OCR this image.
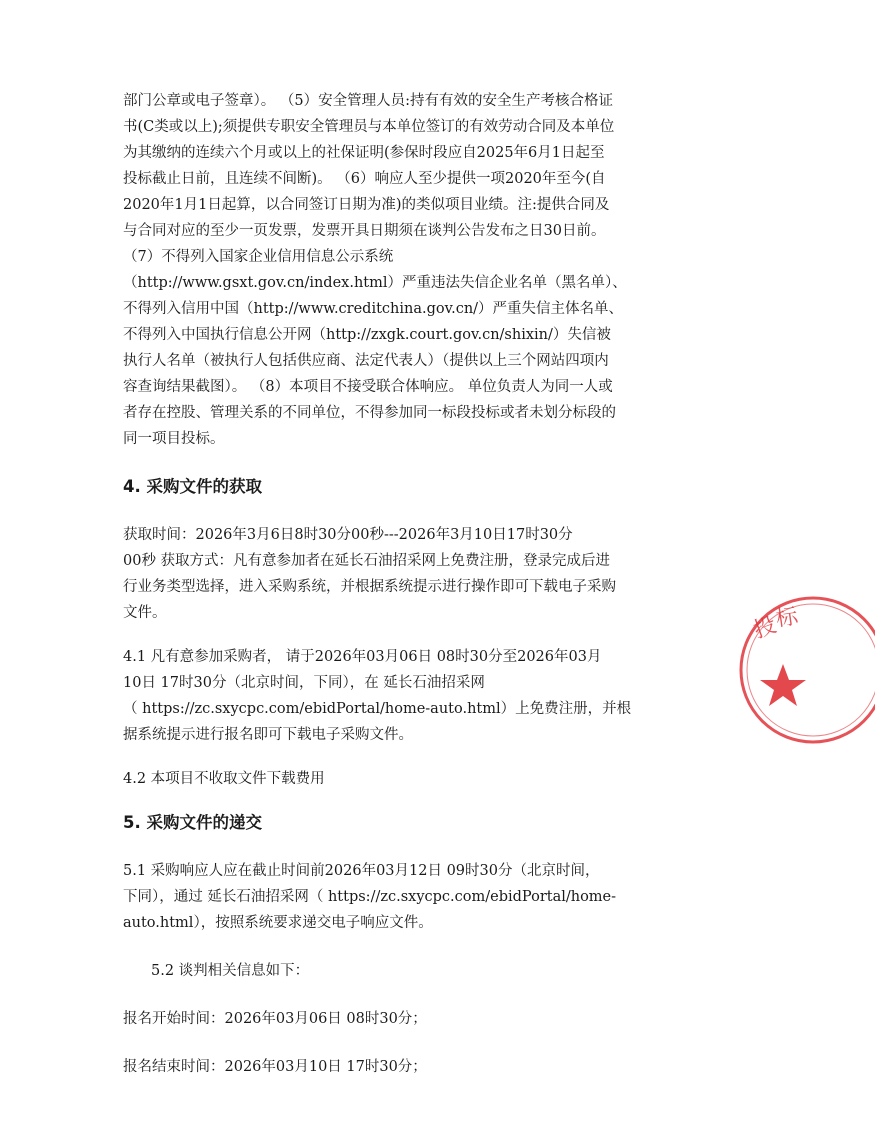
部门公章或电子签章）。 （5）安全管理人员:持有有效的安全生产考核合格证
书(C类或以上);须提供专职安全管理员与本单位签订的有效劳动合同及本单位
为其缴纳的连续六个月或以上的社保证明(参保时段应自2025年6月1日起至
投标截止日前，且连续不间断)。 （6）响应人至少提供一项2020年至今(自
2020年1月1日起算，以合同签订日期为准)的类似项目业绩。注:提供合同及
与合同对应的至少一页发票，发票开具日期须在谈判公告发布之日30日前。
（7）不得列入国家企业信用信息公示系统
（http://www.gsxt.gov.cn/index.html）严重违法失信企业名单（黑名单）、
不得列入信用中国（http://www.creditchina.gov.cn/）严重失信主体名单、
不得列入中国执行信息公开网（http://zxgk.court.gov.cn/shixin/）失信被
执行人名单（被执行人包括供应商、法定代表人）（提供以上三个网站四项内
容查询结果截图）。 （8）本项目不接受联合体响应。 单位负责人为同一人或
者存在控股、管理关系的不同单位，不得参加同一标段投标或者未划分标段的
同一项目投标。
4. 采购文件的获取
获取时间：2026年3月6日8时30分00秒---2026年3月10日17时30分
00秒 获取方式：凡有意参加者在延长石油招采网上免费注册，登录完成后进
行业务类型选择，进入采购系统，并根据系统提示进行操作即可下载电子采购
文件。
4.1 凡有意参加采购者， 请于2026年03月06日 08时30分至2026年03月
10日 17时30分（北京时间，下同），在 延长石油招采网
（ https://zc.sxycpc.com/ebidPortal/home-auto.html）上免费注册，并根
据系统提示进行报名即可下载电子采购文件。

4.2 本项目不收取文件下载费用

5. 采购文件的递交
5.1 采购响应人应在截止时间前2026年03月12日 09时30分（北京时间，
下同），通过 延长石油招采网（ https://zc.sxycpc.com/ebidPortal/home-
auto.html），按照系统要求递交电子响应文件。

5.2 谈判相关信息如下：

报名开始时间：2026年03月06日 08时30分；

报名结束时间：2026年03月10日 17时30分；

投
标
